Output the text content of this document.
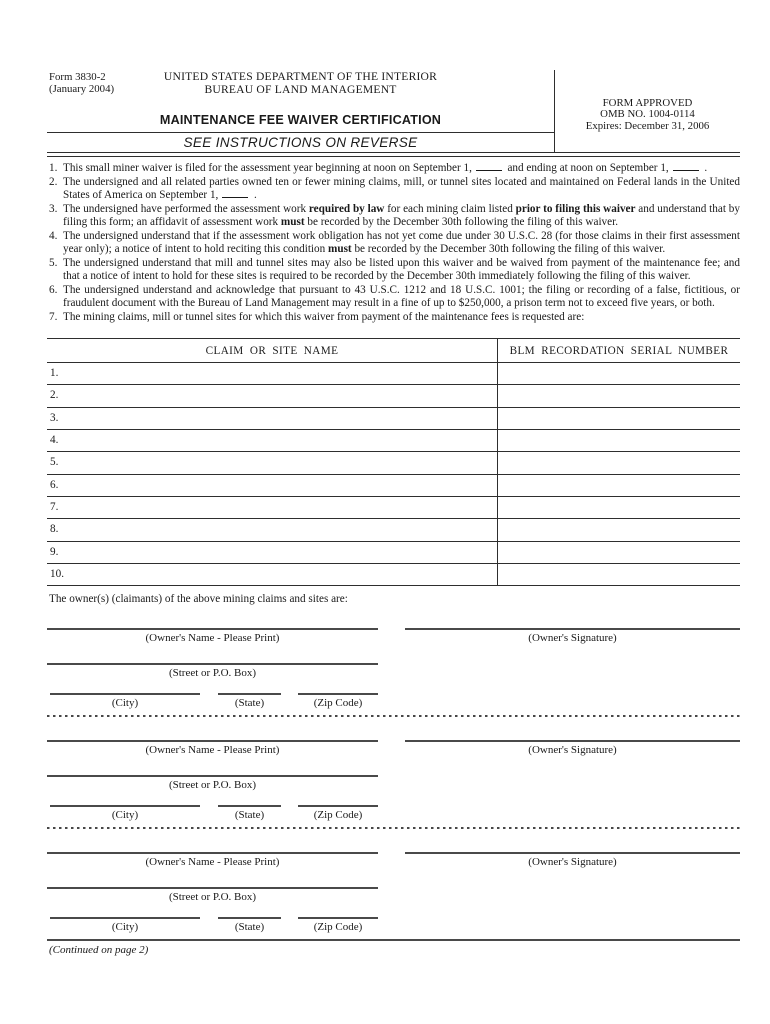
Form 3830-2
(January 2004)
UNITED STATES DEPARTMENT OF THE INTERIOR
BUREAU OF LAND MANAGEMENT
MAINTENANCE FEE WAIVER CERTIFICATION
SEE INSTRUCTIONS ON REVERSE
FORM APPROVED
OMB NO. 1004-0114
Expires: December 31, 2006
1. This small miner waiver is filed for the assessment year beginning at noon on September 1,	and ending at noon on September 1,	.
2. The undersigned and all related parties owned ten or fewer mining claims, mill, or tunnel sites located and maintained on Federal lands in the United States of America on September 1,	.
3. The undersigned have performed the assessment work required by law for each mining claim listed prior to filing this waiver and understand that by filing this form; an affidavit of assessment work must be recorded by the December 30th following the filing of this waiver.
4. The undersigned understand that if the assessment work obligation has not yet come due under 30 U.S.C. 28 (for those claims in their first assessment year only); a notice of intent to hold reciting this condition must be recorded by the December 30th following the filing of this waiver.
5. The undersigned understand that mill and tunnel sites may also be listed upon this waiver and be waived from payment of the maintenance fee; and that a notice of intent to hold for these sites is required to be recorded by the December 30th immediately following the filing of this waiver.
6. The undersigned understand and acknowledge that pursuant to 43 U.S.C. 1212 and 18 U.S.C. 1001; the filing or recording of a false, fictitious, or fraudulent document with the Bureau of Land Management may result in a fine of up to $250,000, a prison term not to exceed five years, or both.
7. The mining claims, mill or tunnel sites for which this waiver from payment of the maintenance fees is requested are:
CLAIM OR SITE NAME	BLM RECORDATION SERIAL NUMBER
1.	
2.	
3.	
4.	
5.	
6.	
7.	
8.	
9.	
10.	

The owner(s) (claimants) of the above mining claims and sites are:

(Owner's Name - Please Print)	(Owner's Signature)
(Street or P.O. Box)
(City)	(State)	(Zip Code)
(Owner's Name - Please Print)	(Owner's Signature)
(Street or P.O. Box)
(City)	(State)	(Zip Code)
(Owner's Name - Please Print)	(Owner's Signature)
(Street or P.O. Box)
(City)	(State)	(Zip Code)
(Continued on page 2)
